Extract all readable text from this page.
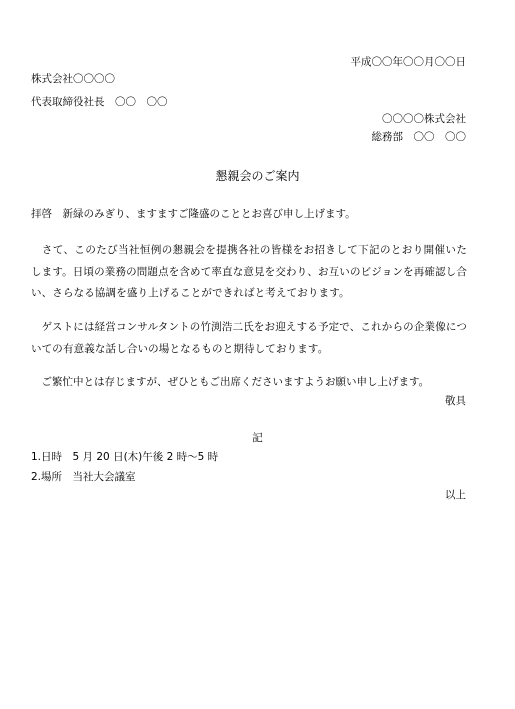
平成〇〇年〇〇月〇〇日
株式会社〇〇〇〇
代表取締役社長　〇〇　〇〇
〇〇〇〇株式会社
総務部　〇〇　〇〇
懇親会のご案内
拝啓　新緑のみぎり、ますますご隆盛のこととお喜び申し上げます。
　さて、このたび当社恒例の懇親会を提携各社の皆様をお招きして下記のとおり開催いたします。日頃の業務の問題点を含めて率直な意見を交わり、お互いのビジョンを再確認し合い、さらなる協調を盛り上げることができればと考えております。
　ゲストには経営コンサルタントの竹渕浩二氏をお迎えする予定で、これからの企業像についての有意義な話し合いの場となるものと期待しております。
　ご繁忙中とは存じますが、ぜひともご出席くださいますようお願い申し上げます。
敬具
記
1.日時　5 月 20 日(木)午後 2 時～5 時
2.場所　当社大会議室
以上
